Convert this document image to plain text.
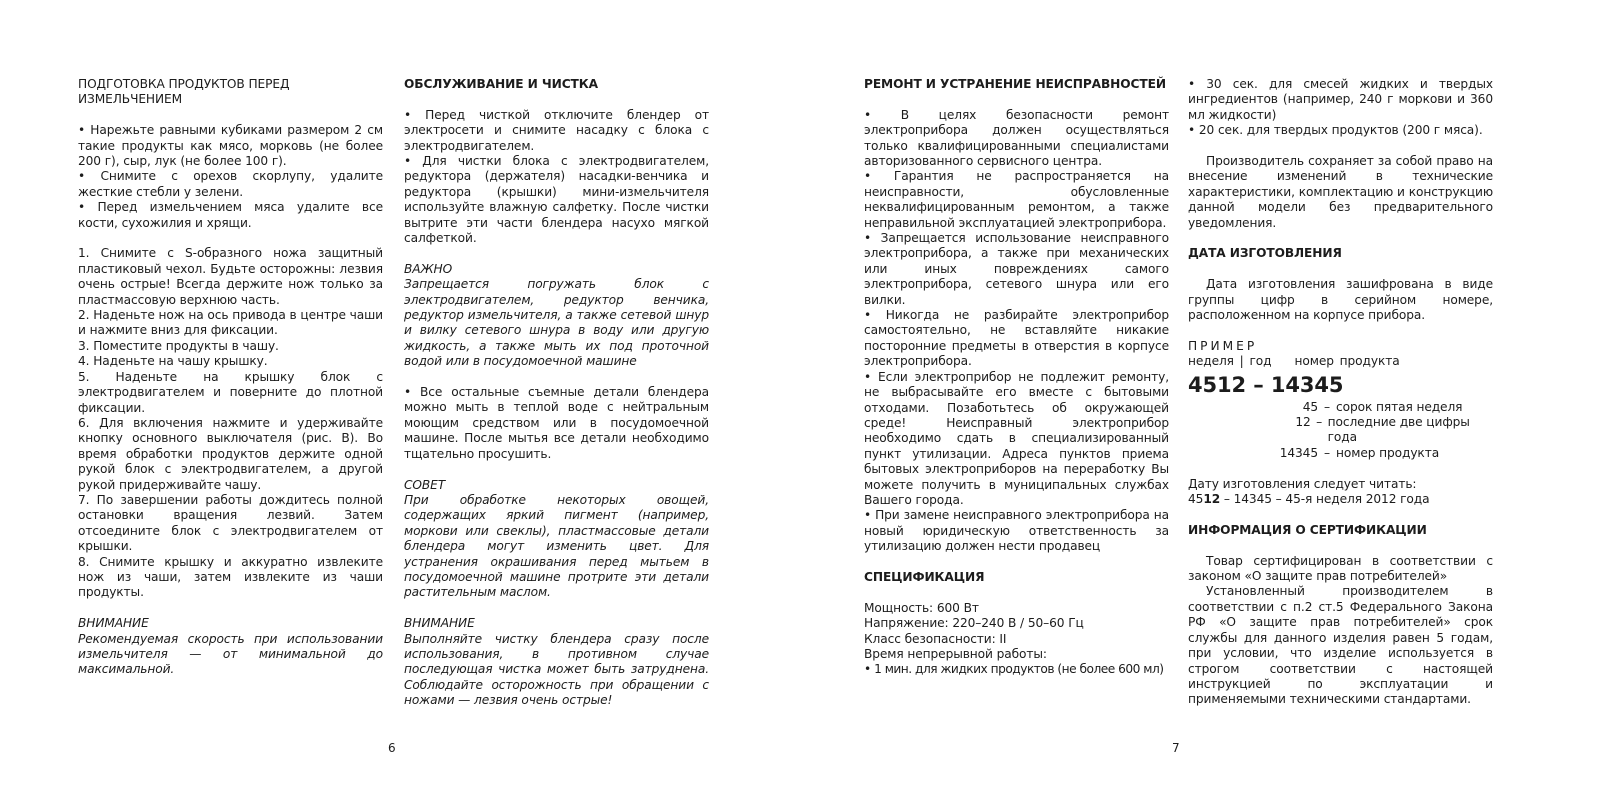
ПОДГОТОВКА ПРОДУКТОВ ПЕРЕД ИЗМЕЛЬЧЕНИЕМ

• Нарежьте равными кубиками размером 2 см такие продукты как мясо, морковь (не более 200 г), сыр, лук (не более 100 г).

• Снимите с орехов скорлупу, удалите жесткие стебли у зелени.

• Перед измельчением мяса удалите все кости, сухожилия и хрящи.

1. Снимите с S-образного ножа защитный пластиковый чехол. Будьте осторожны: лезвия очень острые! Всегда держите нож только за пластмассовую верхнюю часть.

2. Наденьте нож на ось привода в центре чаши и нажмите вниз для фиксации.

3. Поместите продукты в чашу.

4. Наденьте на чашу крышку.

5. Наденьте на крышку блок с электродвигателем и поверните до плотной фиксации.

6. Для включения нажмите и удерживайте кнопку основного выключателя (рис. В). Во время обработки продуктов держите одной рукой блок с электродвигателем, а другой рукой придерживайте чашу.

7. По завершении работы дождитесь полной остановки вращения лезвий. Затем отсоедините блок с электродвигателем от крышки.

8. Снимите крышку и аккуратно извлеките нож из чаши, затем извлеките из чаши продукты.

ВНИМАНИЕ

Рекомендуемая скорость при использовании измельчителя — от минимальной до максимальной.

ОБСЛУЖИВАНИЕ И ЧИСТКА

• Перед чисткой отключите блендер от электросети и снимите насадку с блока с электродвигателем.

• Для чистки блока с электродвигателем, редуктора (держателя) насадки-венчика и редуктора (крышки) мини-измельчителя используйте влажную салфетку. После чистки вытрите эти части блендера насухо мягкой салфеткой.

ВАЖНО

Запрещается погружать блок с электродвигателем, редуктор венчика, редуктор измельчителя, а также сетевой шнур и вилку сетевого шнура в воду или другую жидкость, а также мыть их под проточной водой или в посудомоечной машине

• Все остальные съемные детали блендера можно мыть в теплой воде с нейтральным моющим средством или в посудомоечной машине. После мытья все детали необходимо тщательно просушить.

СОВЕТ

При обработке некоторых овощей, содержащих яркий пигмент (например, моркови или свеклы), пластмассовые детали блендера могут изменить цвет. Для устранения окрашивания перед мытьем в посудомоечной машине протрите эти детали растительным маслом.

ВНИМАНИЕ

Выполняйте чистку блендера сразу после использования, в противном случае последующая чистка может быть затруднена. Соблюдайте осторожность при обращении с ножами — лезвия очень острые!

6

РЕМОНТ И УСТРАНЕНИЕ НЕИСПРАВНОСТЕЙ

• В целях безопасности ремонт электроприбора должен осуществляться только квалифицированными специалистами авторизованного сервисного центра.

• Гарантия не распространяется на неисправности, обусловленные неквалифицированным ремонтом, а также неправильной эксплуатацией электроприбора.

• Запрещается использование неисправного электроприбора, а также при механических или иных повреждениях самого электроприбора, сетевого шнура или его вилки.

• Никогда не разбирайте электроприбор самостоятельно, не вставляйте никакие посторонние предметы в отверстия в корпусе электроприбора.

• Если электроприбор не подлежит ремонту, не выбрасывайте его вместе с бытовыми отходами. Позаботьтесь об окружающей среде! Неисправный электроприбор необходимо сдать в специализированный пункт утилизации. Адреса пунктов приема бытовых электроприборов на переработку Вы можете получить в муниципальных службах Вашего города.

• При замене неисправного электроприбора на новый юридическую ответственность за утилизацию должен нести продавец

СПЕЦИФИКАЦИЯ

Мощность: 600 Вт

Напряжение: 220–240 В / 50–60 Гц

Класс безопасности: II

Время непрерывной работы:

• 1 мин. для жидких продуктов (не более 600 мл)

• 30 сек. для смесей жидких и твердых ингредиентов (например, 240 г моркови и 360 мл жидкости)

• 20 сек. для твердых продуктов (200 г мяса).

Производитель сохраняет за собой право на внесение изменений в технические характеристики, комплектацию и конструкцию данной модели без предварительного уведомления.

ДАТА ИЗГОТОВЛЕНИЯ

Дата изготовления зашифрована в виде группы цифр в серийном номере, расположенном на корпусе прибора.

ПРИМЕР

неделя | год    номер продукта

4512 – 14345

45 – сорок пятая неделя
12 – последние две цифры года
14345 – номер продукта

Дату изготовления следует читать:

4512 – 14345 – 45-я неделя 2012 года

ИНФОРМАЦИЯ О СЕРТИФИКАЦИИ

Товар сертифицирован в соответствии с законом «О защите прав потребителей»

Установленный производителем в соответствии с п.2 ст.5 Федерального Закона РФ «О защите прав потребителей» срок службы для данного изделия равен 5 годам, при условии, что изделие используется в строгом соответствии с настоящей инструкцией по эксплуатации и применяемыми техническими стандартами.

7
